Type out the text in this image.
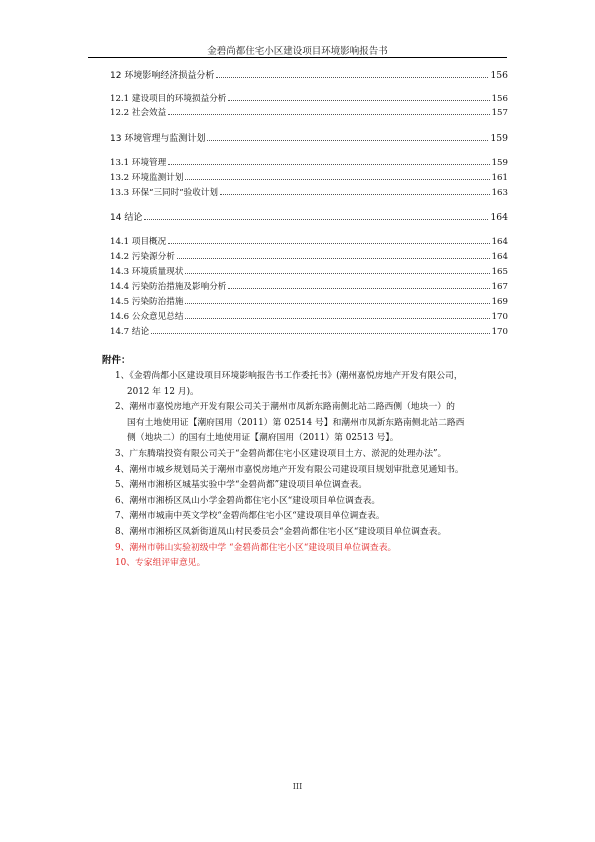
金碧尚都住宅小区建设项目环境影响报告书
12 环境影响经济损益分析	156
12.1 建设项目的环境损益分析	156
12.2 社会效益	157
13 环境管理与监测计划	159
13.1 环境管理	159
13.2 环境监测计划	161
13.3 环保“三同时”验收计划	163
14 结论	164
14.1 项目概况	164
14.2 污染源分析	164
14.3 环境质量现状	165
14.4 污染防治措施及影响分析	167
14.5 污染防治措施	169
14.6 公众意见总结	170
14.7 结论	170
附件：
1、《金碧尚都小区建设项目环境影响报告书工作委托书》(潮州嘉悦房地产开发有限公司，
2012 年 12 月)。
2、潮州市嘉悦房地产开发有限公司关于潮州市凤新东路南侧北站二路西侧（地块一）的
国有土地使用证【潮府国用（2011）第 02514 号】和潮州市凤新东路南侧北站二路西
侧（地块二）的国有土地使用证【潮府国用（2011）第 02513 号】。
3、广东腾瑞投资有限公司关于“金碧尚都住宅小区建设项目土方、淤泥的处理办法”。
4、潮州市城乡规划局关于潮州市嘉悦房地产开发有限公司建设项目规划审批意见通知书。
5、潮州市湘桥区城基实验中学“金碧尚都”建设项目单位调查表。
6、潮州市湘桥区凤山小学金碧尚都住宅小区“建设项目单位调查表。
7、潮州市城南中英文学校“金碧尚都住宅小区“建设项目单位调查表。
8、潮州市湘桥区凤新街道凤山村民委员会“金碧尚都住宅小区“建设项目单位调查表。
9、潮州市韩山实验初级中学 “金碧尚都住宅小区“建设项目单位调查表。
10、专家组评审意见。
III
